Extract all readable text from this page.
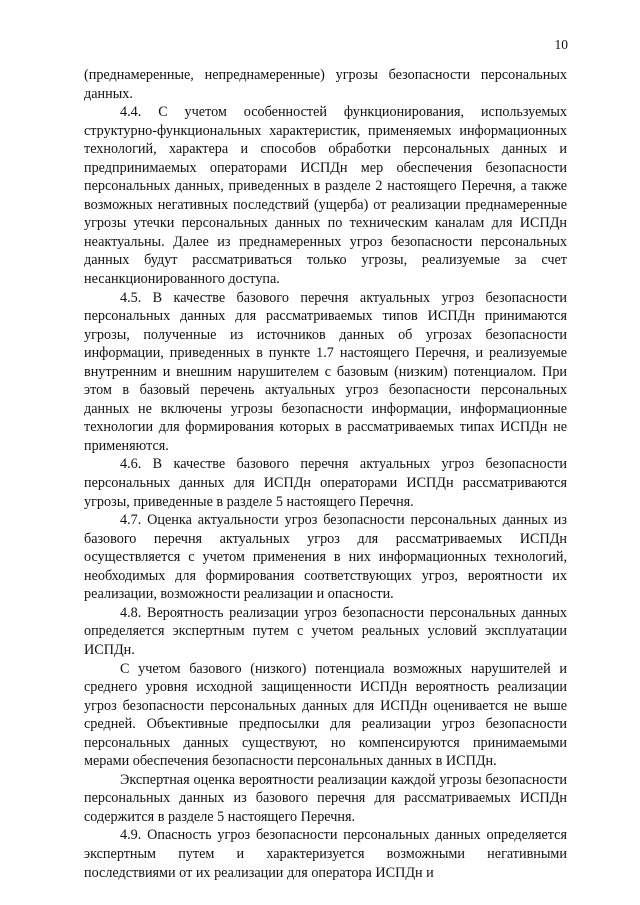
10

(преднамеренные, непреднамеренные) угрозы безопасности персональных данных.

4.4. С учетом особенностей функционирования, используемых структурно-функциональных характеристик, применяемых информационных технологий, характера и способов обработки персональных данных и предпринимаемых операторами ИСПДн мер обеспечения безопасности персональных данных, приведенных в разделе 2 настоящего Перечня, а также возможных негативных последствий (ущерба) от реализации преднамеренные угрозы утечки персональных данных по техническим каналам для ИСПДн неактуальны. Далее из преднамеренных угроз безопасности персональных данных будут рассматриваться только угрозы, реализуемые за счет несанкционированного доступа.

4.5. В качестве базового перечня актуальных угроз безопасности персональных данных для рассматриваемых типов ИСПДн принимаются угрозы, полученные из источников данных об угрозах безопасности информации, приведенных в пункте 1.7 настоящего Перечня, и реализуемые внутренним и внешним нарушителем с базовым (низким) потенциалом. При этом в базовый перечень актуальных угроз безопасности персональных данных не включены угрозы безопасности информации, информационные технологии для формирования которых в рассматриваемых типах ИСПДн не применяются.

4.6. В качестве базового перечня актуальных угроз безопасности персональных данных для ИСПДн операторами ИСПДн рассматриваются угрозы, приведенные в разделе 5 настоящего Перечня.

4.7. Оценка актуальности угроз безопасности персональных данных из базового перечня актуальных угроз для рассматриваемых ИСПДн осуществляется с учетом применения в них информационных технологий, необходимых для формирования соответствующих угроз, вероятности их реализации, возможности реализации и опасности.

4.8. Вероятность реализации угроз безопасности персональных данных определяется экспертным путем с учетом реальных условий эксплуатации ИСПДн.

С учетом базового (низкого) потенциала возможных нарушителей и среднего уровня исходной защищенности ИСПДн вероятность реализации угроз безопасности персональных данных для ИСПДн оценивается не выше средней. Объективные предпосылки для реализации угроз безопасности персональных данных существуют, но компенсируются принимаемыми мерами обеспечения безопасности персональных данных в ИСПДн.

Экспертная оценка вероятности реализации каждой угрозы безопасности персональных данных из базового перечня для рассматриваемых ИСПДн содержится в разделе 5 настоящего Перечня.

4.9. Опасность угроз безопасности персональных данных определяется экспертным путем и характеризуется возможными негативными последствиями от их реализации для оператора ИСПДн и
